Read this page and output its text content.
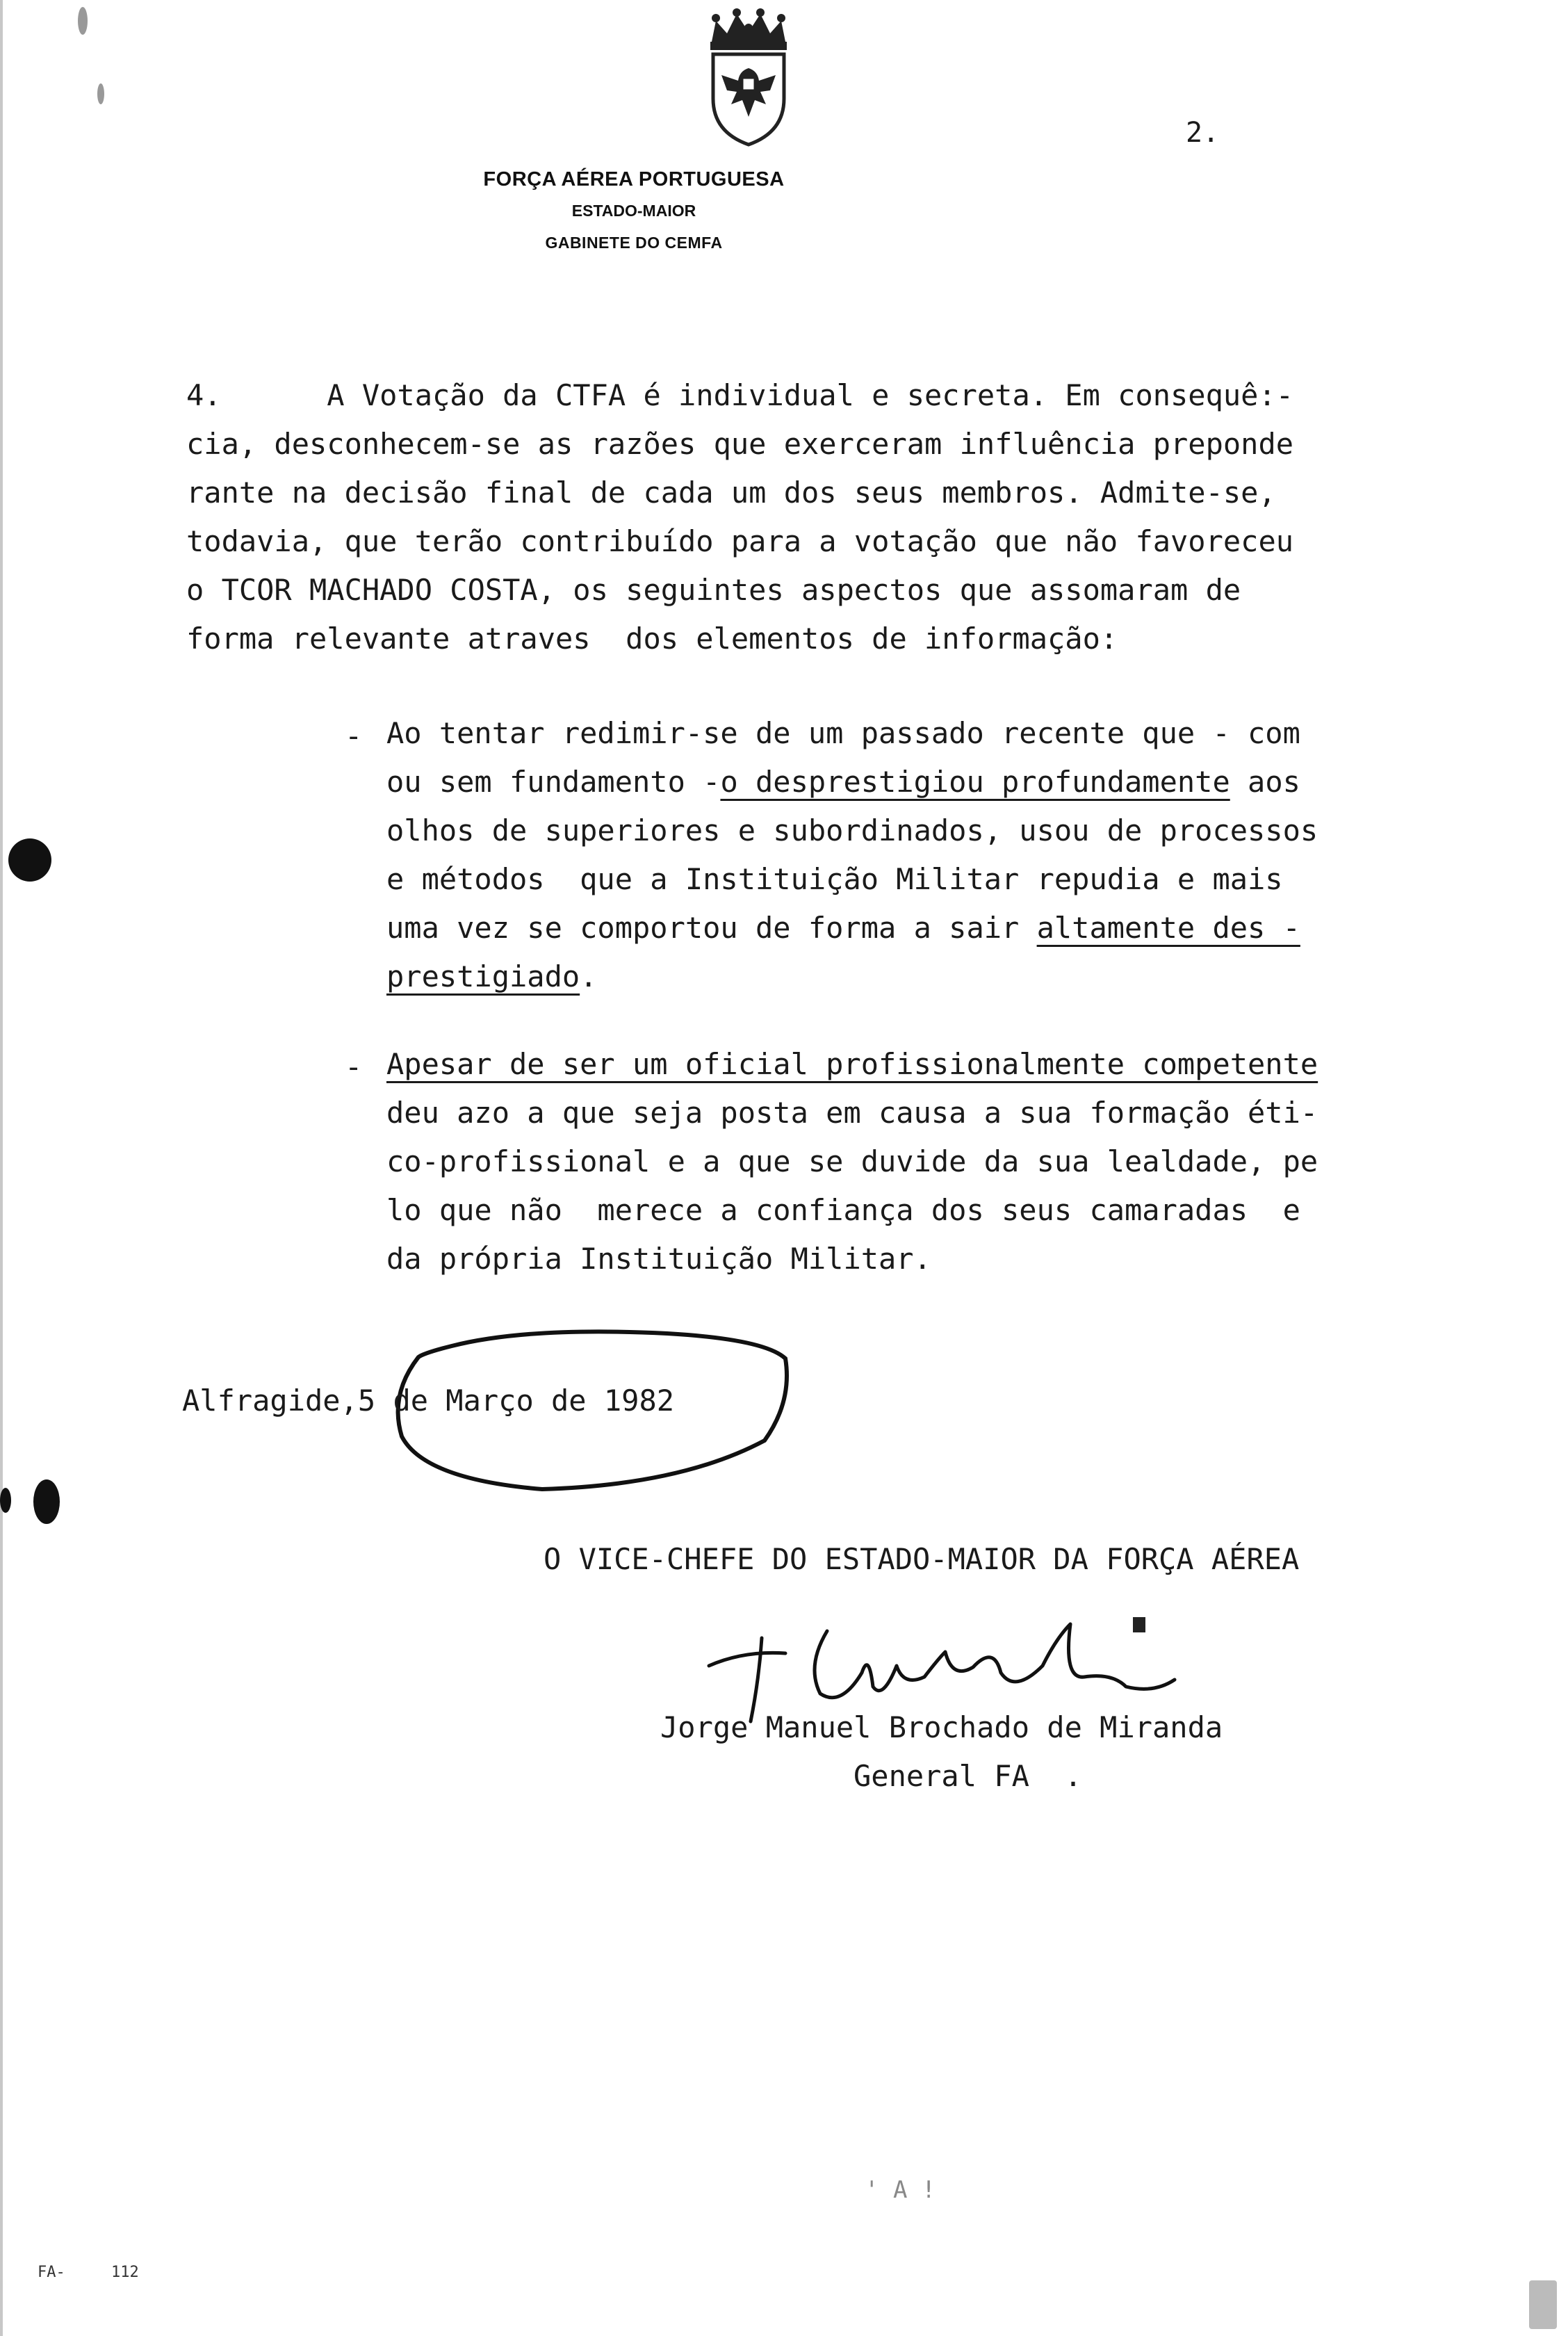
FORÇA AÉREA PORTUGUESA
ESTADO-MAIOR
GABINETE DO CEMFA
2.
4.      A Votação da CTFA é individual e secreta. Em consequê:-
cia, desconhecem-se as razões que exerceram influência preponde
rante na decisão final de cada um dos seus membros. Admite-se,
todavia, que terão contribuído para a votação que não favoreceu
o TCOR MACHADO COSTA, os seguintes aspectos que assomaram de
forma relevante atraves  dos elementos de informação:
- Ao tentar redimir-se de um passado recente que - com
ou sem fundamento -o desprestigiou profundamente aos
olhos de superiores e subordinados, usou de processos
e métodos  que a Instituição Militar repudia e mais
uma vez se comportou de forma a sair altamente des -
prestigiado.
- Apesar de ser um oficial profissionalmente competente
deu azo a que seja posta em causa a sua formação éti-
co-profissional e a que se duvide da sua lealdade, pe
lo que não  merece a confiança dos seus camaradas  e
da própria Instituição Militar.
Alfragide,5 de Março de 1982
O VICE-CHEFE DO ESTADO-MAIOR DA FORÇA AÉREA
Jorge Manuel Brochado de Miranda
General FA  .
' A !
FA-     112
